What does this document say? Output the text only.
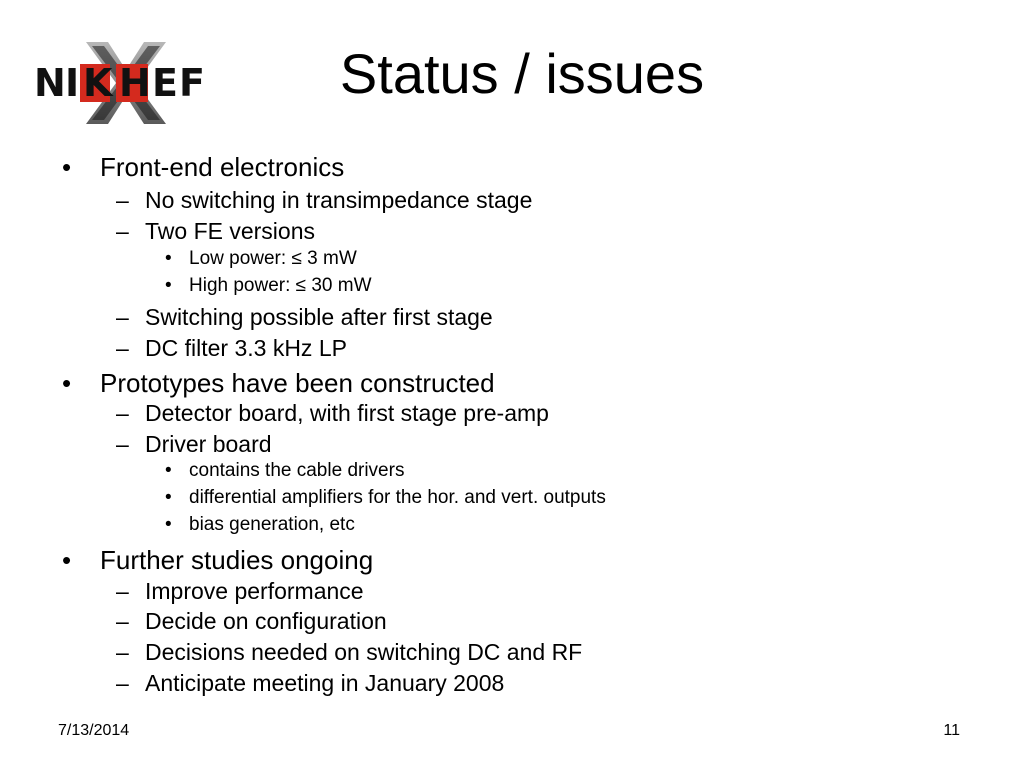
N I K H E F	Status / issues
• Front-end electronics
– No switching in transimpedance stage
– Two FE versions
• Low power: ≤ 3 mW
• High power: ≤ 30 mW
– Switching possible after first stage
– DC filter 3.3 kHz LP
• Prototypes have been constructed
– Detector board, with first stage pre-amp
– Driver board
• contains the cable drivers
• differential amplifiers for the hor. and vert. outputs
• bias generation, etc
• Further studies ongoing
– Improve performance
– Decide on configuration
– Decisions needed on switching DC and RF
– Anticipate meeting in January 2008
7/13/2014	11
